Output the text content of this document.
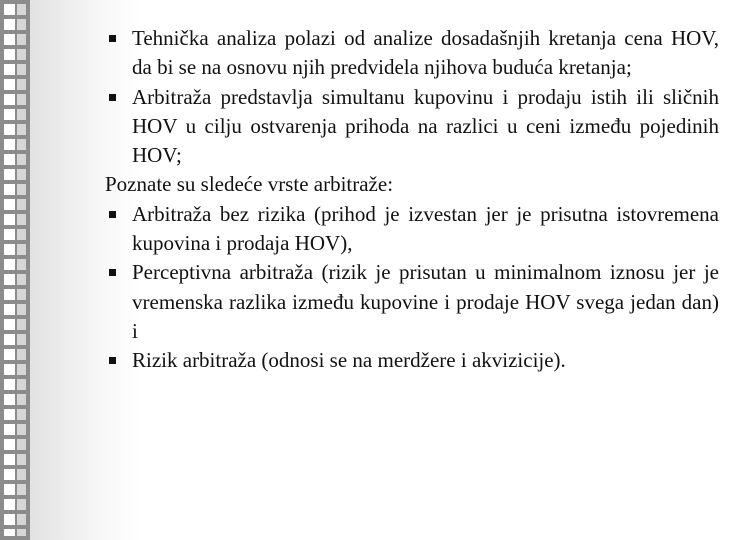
Tehnička analiza polazi od analize dosadašnjih kretanja cena HOV, da bi se na osnovu njih predvidela njihova buduća kretanja;
Arbitraža predstavlja simultanu kupovinu i prodaju istih ili sličnih HOV u cilju ostvarenja prihoda na razlici u ceni između pojedinih HOV;
Poznate su sledeće vrste arbitraže:
Arbitraža bez rizika (prihod je izvestan jer je prisutna istovremena kupovina i prodaja HOV),
Perceptivna arbitraža (rizik je prisutan u minimalnom iznosu jer je vremenska razlika između kupovine i prodaje HOV svega jedan dan) i
Rizik arbitraža (odnosi se na merdžere i akvizicije).
